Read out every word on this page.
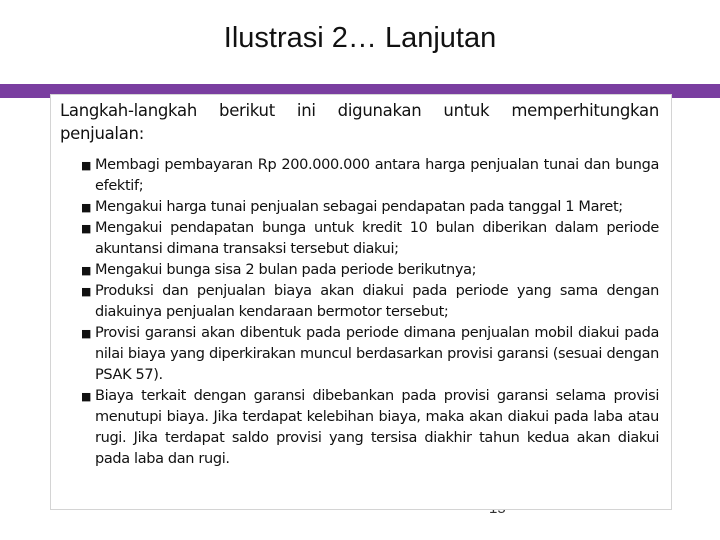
Ilustrasi 2… Lanjutan

Langkah-langkah berikut ini digunakan untuk memperhitungkan penjualan:

■ Membagi pembayaran Rp 200.000.000 antara harga penjualan tunai dan bunga efektif;
■ Mengakui harga tunai penjualan sebagai pendapatan pada tanggal 1 Maret;
■ Mengakui pendapatan bunga untuk kredit 10 bulan diberikan dalam periode akuntansi dimana transaksi tersebut diakui;
■ Mengakui bunga sisa 2 bulan pada periode berikutnya;
■ Produksi dan penjualan biaya akan diakui pada periode yang sama dengan diakuinya penjualan kendaraan bermotor tersebut;
■ Provisi garansi akan dibentuk pada periode dimana penjualan mobil diakui pada nilai biaya yang diperkirakan muncul berdasarkan provisi garansi (sesuai dengan PSAK 57).
■ Biaya terkait dengan garansi dibebankan pada provisi garansi selama provisi menutupi biaya. Jika terdapat kelebihan biaya, maka akan diakui pada laba atau rugi. Jika terdapat saldo provisi yang tersisa diakhir tahun kedua akan diakui pada laba dan rugi.
